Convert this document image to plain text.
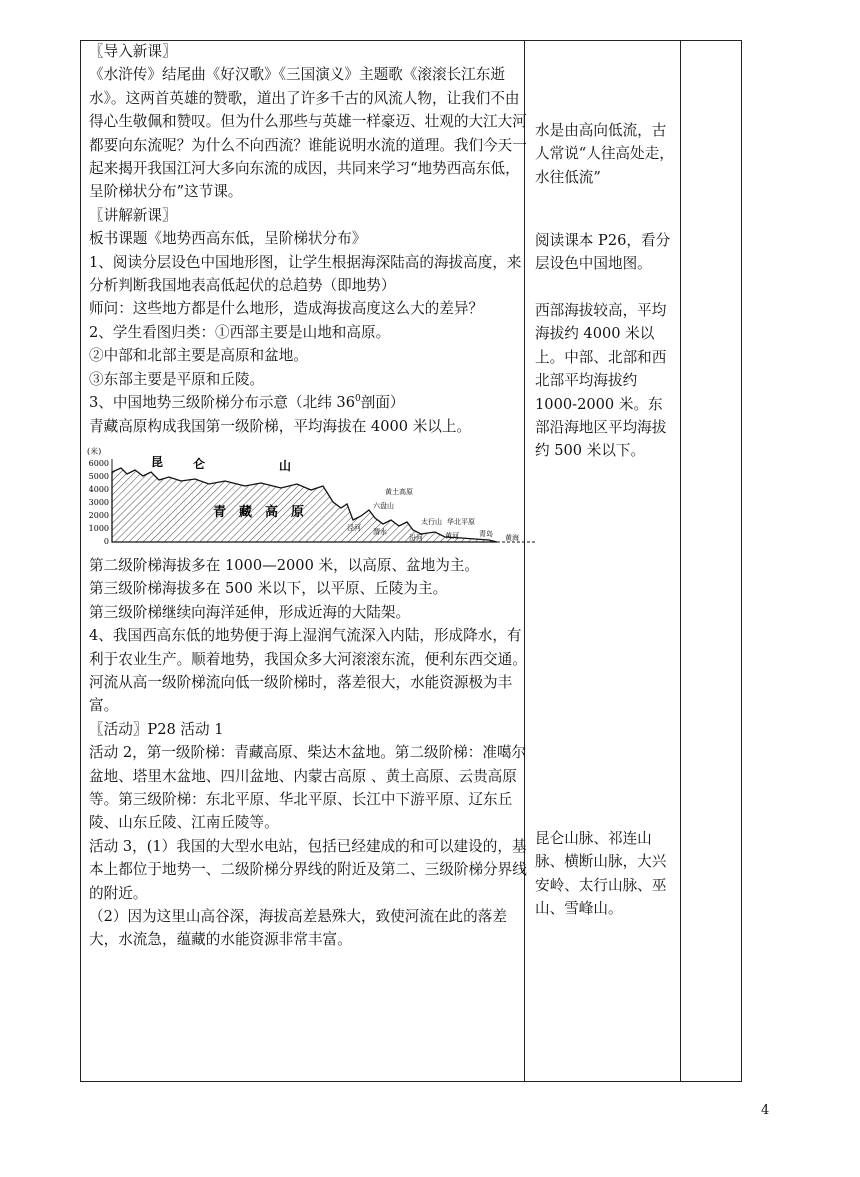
〖导入新课〗

《水浒传》结尾曲《好汉歌》《三国演义》主题歌《滚滚长江东逝水》。这两首英雄的赞歌，道出了许多千古的风流人物，让我们不由得心生敬佩和赞叹。但为什么那些与英雄一样豪迈、壮观的大江大河都要向东流呢？为什么不向西流？谁能说明水流的道理。我们今天一起来揭开我国江河大多向东流的成因，共同来学习“地势西高东低，呈阶梯状分布”这节课。

〖讲解新课〗

板书课题《地势西高东低，呈阶梯状分布》

1、阅读分层设色中国地形图，让学生根据海深陆高的海拔高度，来分析判断我国地表高低起伏的总趋势（即地势）

师问：这些地方都是什么地形，造成海拔高度这么大的差异？

2、学生看图归类：①西部主要是山地和高原。

②中部和北部主要是高原和盆地。

③东部主要是平原和丘陵。

3、中国地势三级阶梯分布示意（北纬 $36^0$剖面）

青藏高原构成我国第一级阶梯，平均海拔在 4000 米以上。

(米)
6000
5000
4000
3000
2000
1000
0
昆 仑	山
青　藏　高　原
黄土高原
六盘山
太行山 华北平原
泾河 渭水
汾河	黄河	青岛 黄海

第二级阶梯海拔多在 1000—2000 米，以高原、盆地为主。

第三级阶梯海拔多在 500 米以下，以平原、丘陵为主。

第三级阶梯继续向海洋延伸，形成近海的大陆架。

4、我国西高东低的地势便于海上湿润气流深入内陆，形成降水，有利于农业生产。顺着地势，我国众多大河滚滚东流，便利东西交通。河流从高一级阶梯流向低一级阶梯时，落差很大，水能资源极为丰富。

〖活动〗P28 活动 1

活动 2，第一级阶梯：青藏高原、柴达木盆地。第二级阶梯：准噶尔盆地、塔里木盆地、四川盆地、内蒙古高原 、黄土高原、云贵高原等。第三级阶梯：东北平原、华北平原、长江中下游平原、辽东丘陵、山东丘陵、江南丘陵等。

活动 3，(1）我国的大型水电站，包括已经建成的和可以建设的，基本上都位于地势一、二级阶梯分界线的附近及第二、三级阶梯分界线的附近。

（2）因为这里山高谷深，海拔高差悬殊大，致使河流在此的落差大，水流急，蕴藏的水能资源非常丰富。

水是由高向低流，古人常说“人往高处走，水往低流”

阅读课本 P26，看分层设色中国地图。

西部海拔较高，平均海拔约 4000 米以上。中部、北部和西北部平均海拔约 1000-2000 米。东部沿海地区平均海拔约 500 米以下。

昆仑山脉、祁连山脉、横断山脉，大兴安岭、太行山脉、巫山、雪峰山。

4
